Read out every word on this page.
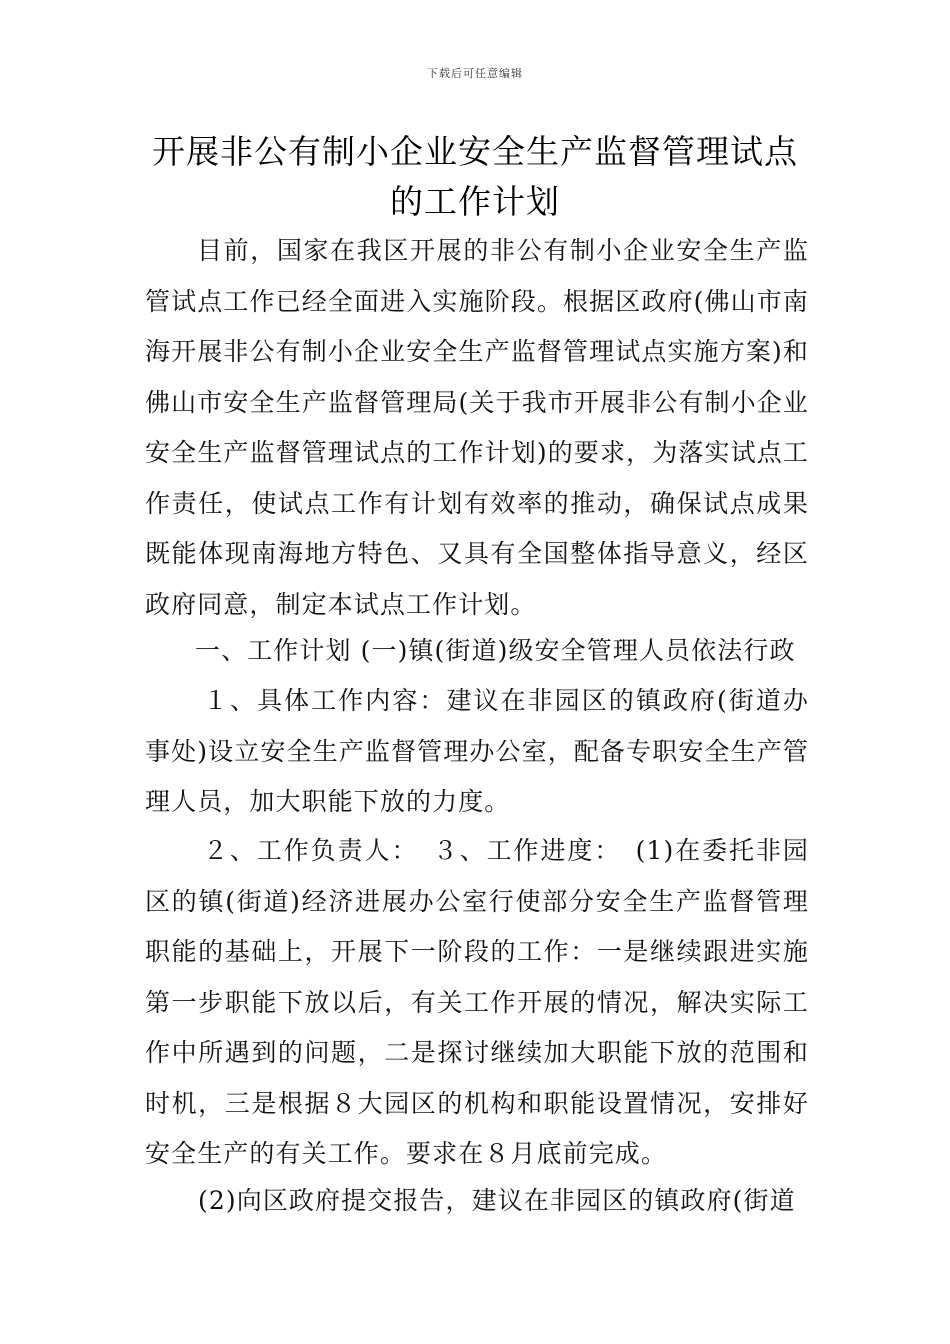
下载后可任意编辑
开展非公有制小企业安全生产监督管理试点的工作计划

目前，国家在我区开展的非公有制小企业安全生产监管试点工作已经全面进入实施阶段。根据区政府(佛山市南海开展非公有制小企业安全生产监督管理试点实施方案)和佛山市安全生产监督管理局(关于我市开展非公有制小企业安全生产监督管理试点的工作计划)的要求，为落实试点工作责任，使试点工作有计划有效率的推动，确保试点成果既能体现南海地方特色、又具有全国整体指导意义，经区政府同意，制定本试点工作计划。

一、工作计划 (一)镇(街道)级安全管理人员依法行政

１、具体工作内容：建议在非园区的镇政府(街道办事处)设立安全生产监督管理办公室，配备专职安全生产管理人员，加大职能下放的力度。

２、工作负责人：　３、工作进度：　(1)在委托非园区的镇(街道)经济进展办公室行使部分安全生产监督管理职能的基础上，开展下一阶段的工作：一是继续跟进实施第一步职能下放以后，有关工作开展的情况，解决实际工作中所遇到的问题，二是探讨继续加大职能下放的范围和时机，三是根据８大园区的机构和职能设置情况，安排好安全生产的有关工作。要求在８月底前完成。

(2)向区政府提交报告，建议在非园区的镇政府(街道
